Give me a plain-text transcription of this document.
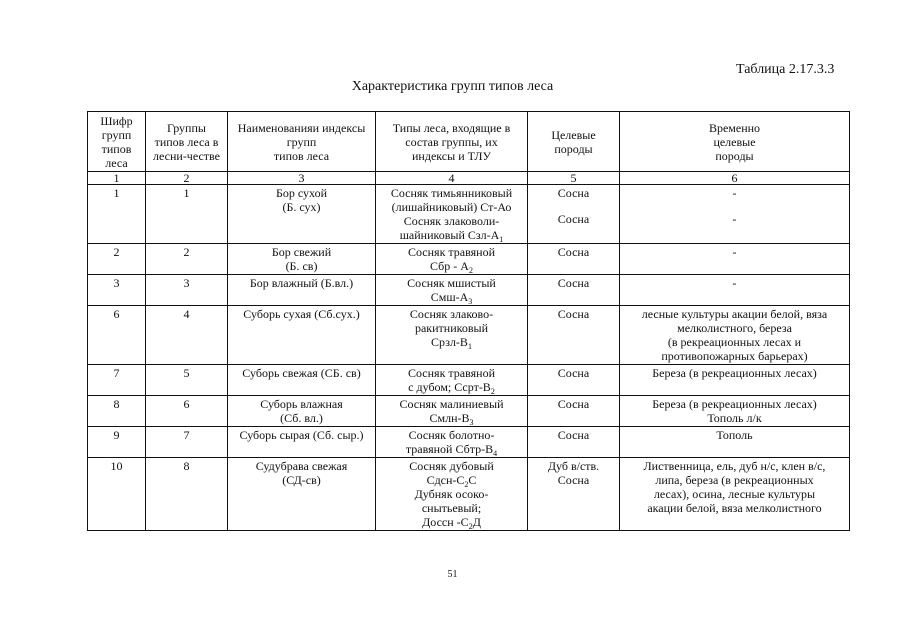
Таблица 2.17.3.3
Характеристика групп типов леса
Шифр
групп
типов
леса	Группы
типов леса в
лесни-честве	Наименованияи индексы
групп
типов леса	Типы леса, входящие в
состав группы, их
индексы и ТЛУ	Целевые
породы	Временно
целевые
породы

1	2	3	4	5	6
1	1	Бор сухой
(Б. сух)	Сосняк тимьянниковый
(лишайниковый) Ст-Ао
Сосняк злаковоли-
шайниковый Сзл-$А_1$	Сосна
Сосна	-
-

2	2	Бор свежий
(Б. св)	Сосняк травяной
Сбр - $А_2$	Сосна	-

3	3	Бор влажный (Б.вл.)	Сосняк мшистый
Смш-$А_3$	Сосна	-

6	4	Суборь сухая (Сб.сух.)	Сосняк злаково-
ракитниковый
Срзл-$В_1$	Сосна	лесные культуры акации белой, вяза
мелколистного, береза
(в рекреационных лесах и
противопожарных барьерах)

7	5	Суборь свежая (СБ. св)	Сосняк травяной
с дубом; Ссрт-$В_2$	Сосна	Береза (в рекреационных лесах)

8	6	Суборь влажная
(Сб. вл.)	Сосняк малиниевый
Смлн-$В_3$	Сосна	Береза (в рекреационных лесах)
Тополь л/к

9	7	Суборь сырая (Сб. сыр.)	Сосняк болотно-
травяной Сбтр-$В_4$	Сосна	Тополь

10	8	Судубрава свежая
(СД-св)	Сосняк дубовый
Сдсн-$С_2С$
Дубняк осоко-
снытьевый;
Доссн $-С_2Д$	Дуб в/ств.
Сосна	Лиственница, ель, дуб н/с, клен в/с,
липа, береза (в рекреационных
лесах), осина, лесные культуры
акации белой, вяза мелколистного
51
